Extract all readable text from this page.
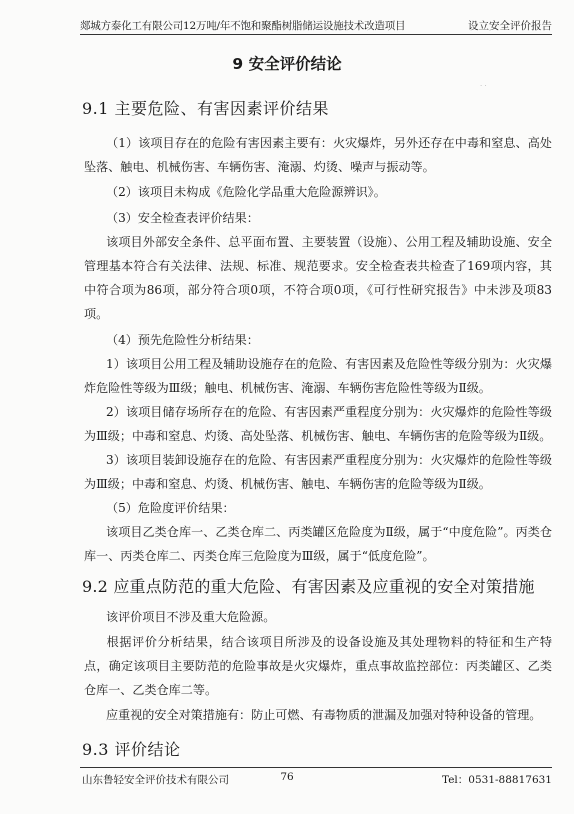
郯城方泰化工有限公司12万吨/年不饱和聚酯树脂储运设施技术改造项目	设立安全评价报告
· ·
9 安全评价结论
9.1 主要危险、有害因素评价结果
（1）该项目存在的危险有害因素主要有：火灾爆炸，另外还存在中毒和窒息、高处坠落、触电、机械伤害、车辆伤害、淹溺、灼烫、噪声与振动等。
（2）该项目未构成《危险化学品重大危险源辨识》。
（3）安全检查表评价结果：
该项目外部安全条件、总平面布置、主要装置（设施）、公用工程及辅助设施、安全管理基本符合有关法律、法规、标准、规范要求。安全检查表共检查了169项内容，其中符合项为86项，部分符合项0项，不符合项0项，《可行性研究报告》中未涉及项83项。
（4）预先危险性分析结果：
1）该项目公用工程及辅助设施存在的危险、有害因素及危险性等级分别为：火灾爆炸危险性等级为Ⅲ级；触电、机械伤害、淹溺、车辆伤害危险性等级为Ⅱ级。
2）该项目储存场所存在的危险、有害因素严重程度分别为：火灾爆炸的危险性等级为Ⅲ级；中毒和窒息、灼烫、高处坠落、机械伤害、触电、车辆伤害的危险等级为Ⅱ级。
3）该项目装卸设施存在的危险、有害因素严重程度分别为：火灾爆炸的危险性等级为Ⅲ级；中毒和窒息、灼烫、机械伤害、触电、车辆伤害的危险等级为Ⅱ级。
（5）危险度评价结果：
该项目乙类仓库一、乙类仓库二、丙类罐区危险度为Ⅱ级，属于“中度危险”。丙类仓库一、丙类仓库二、丙类仓库三危险度为Ⅲ级，属于“低度危险”。
9.2 应重点防范的重大危险、有害因素及应重视的安全对策措施
该评价项目不涉及重大危险源。
根据评价分析结果，结合该项目所涉及的设备设施及其处理物料的特征和生产特点，确定该项目主要防范的危险事故是火灾爆炸，重点事故监控部位：丙类罐区、乙类仓库一、乙类仓库二等。
应重视的安全对策措施有：防止可燃、有毒物质的泄漏及加强对特种设备的管理。
9.3 评价结论
山东鲁轻安全评价技术有限公司	76	Tel：0531-88817631
